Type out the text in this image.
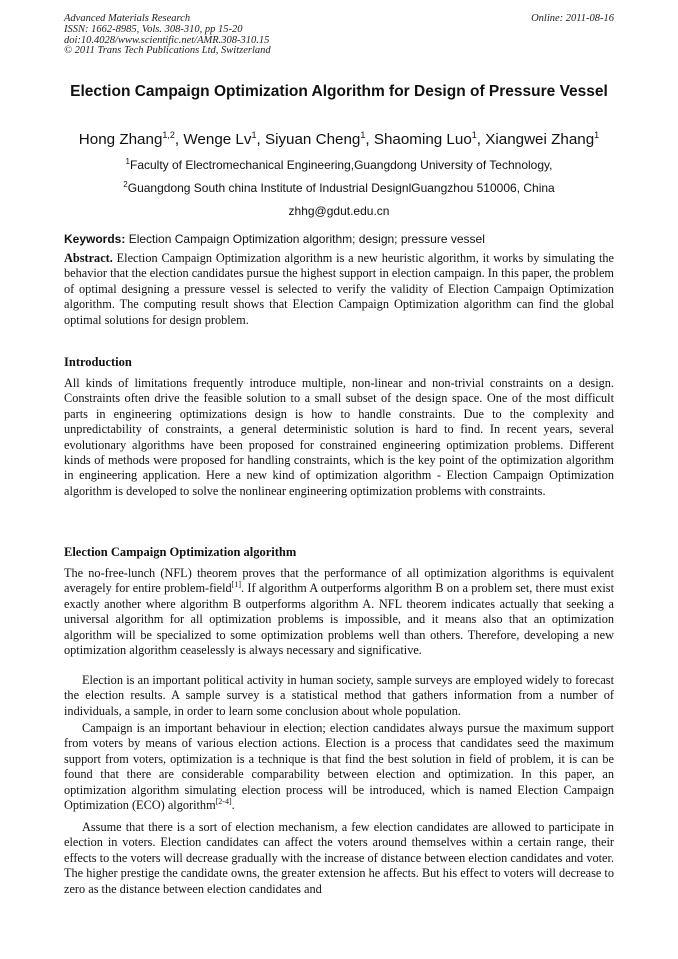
Advanced Materials Research
ISSN: 1662-8985, Vols. 308-310, pp 15-20
doi:10.4028/www.scientific.net/AMR.308-310.15
© 2011 Trans Tech Publications Ltd, Switzerland
Online: 2011-08-16
Election Campaign Optimization Algorithm for Design of Pressure Vessel
Hong Zhang$^{1,2}$, Wenge Lv$^1$, Siyuan Cheng$^1$, Shaoming Luo$^1$, Xiangwei Zhang$^1$
$^1$Faculty of Electromechanical Engineering,Guangdong University of Technology,
$^2$Guangdong South china Institute of Industrial DesignlGuangzhou 510006, China
zhhg@gdut.edu.cn
Keywords: Election Campaign Optimization algorithm; design; pressure vessel
Abstract. Election Campaign Optimization algorithm is a new heuristic algorithm, it works by simulating the behavior that the election candidates pursue the highest support in election campaign. In this paper, the problem of optimal designing a pressure vessel is selected to verify the validity of Election Campaign Optimization algorithm. The computing result shows that Election Campaign Optimization algorithm can find the global optimal solutions for design problem.
Introduction
All kinds of limitations frequently introduce multiple, non-linear and non-trivial constraints on a design. Constraints often drive the feasible solution to a small subset of the design space. One of the most difficult parts in engineering optimizations design is how to handle constraints. Due to the complexity and unpredictability of constraints, a general deterministic solution is hard to find. In recent years, several evolutionary algorithms have been proposed for constrained engineering optimization problems. Different kinds of methods were proposed for handling constraints, which is the key point of the optimization algorithm in engineering application. Here a new kind of optimization algorithm - Election Campaign Optimization algorithm is developed to solve the nonlinear engineering optimization problems with constraints.
Election Campaign Optimization algorithm
The no-free-lunch (NFL) theorem proves that the performance of all optimization algorithms is equivalent averagely for entire problem-field[1]. If algorithm A outperforms algorithm B on a problem set, there must exist exactly another where algorithm B outperforms algorithm A. NFL theorem indicates actually that seeking a universal algorithm for all optimization problems is impossible, and it means also that an optimization algorithm will be specialized to some optimization problems well than others. Therefore, developing a new optimization algorithm ceaselessly is always necessary and significative.
Election is an important political activity in human society, sample surveys are employed widely to forecast the election results. A sample survey is a statistical method that gathers information from a number of individuals, a sample, in order to learn some conclusion about whole population.
Campaign is an important behaviour in election; election candidates always pursue the maximum support from voters by means of various election actions. Election is a process that candidates seed the maximum support from voters, optimization is a technique is that find the best solution in field of problem, it is can be found that there are considerable comparability between election and optimization. In this paper, an optimization algorithm simulating election process will be introduced, which is named Election Campaign Optimization (ECO) algorithm[2-4].
Assume that there is a sort of election mechanism, a few election candidates are allowed to participate in election in voters. Election candidates can affect the voters around themselves within a certain range, their effects to the voters will decrease gradually with the increase of distance between election candidates and voter. The higher prestige the candidate owns, the greater extension he affects. But his effect to voters will decrease to zero as the distance between election candidates and
